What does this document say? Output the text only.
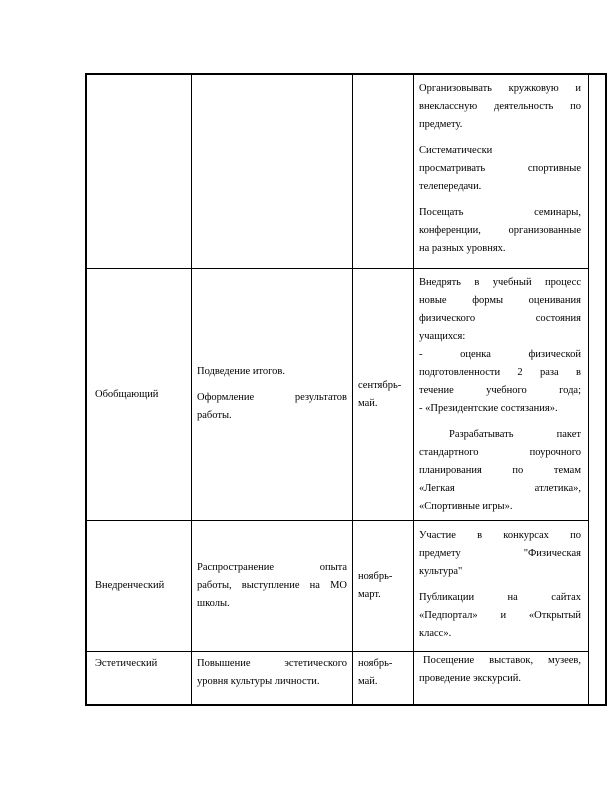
Организовывать кружковую и

внеклассную деятельность по

предмету.

Систематически

просматривать спортивные

телепередачи.

Посещать семинары,

конференции, организованные

на разных уровнях.

Обобщающий

Подведение итогов.

Оформление результатов

работы.

сентябрь-

май.

Внедрять в учебный процесс

новые формы оценивания

физического состояния

учащихся:

- оценка физической

подготовленности 2 раза в

течение учебного года;

- «Президентские состязания».

Разрабатывать пакет

стандартного поурочного

планирования по темам

«Легкая атлетика»,

«Спортивные игры».

Внедренческий

Распространение опыта

работы, выступление на МО

школы.

ноябрь-

март.

Участие в конкурсах по

предмету "Физическая

культура"

Публикации на сайтах

«Педпортал» и «Открытый

класс».

Эстетический	Повышение эстетического

уровня культуры личности.

ноябрь-

май.

Посещение выставок, музеев,

проведение экскурсий.
